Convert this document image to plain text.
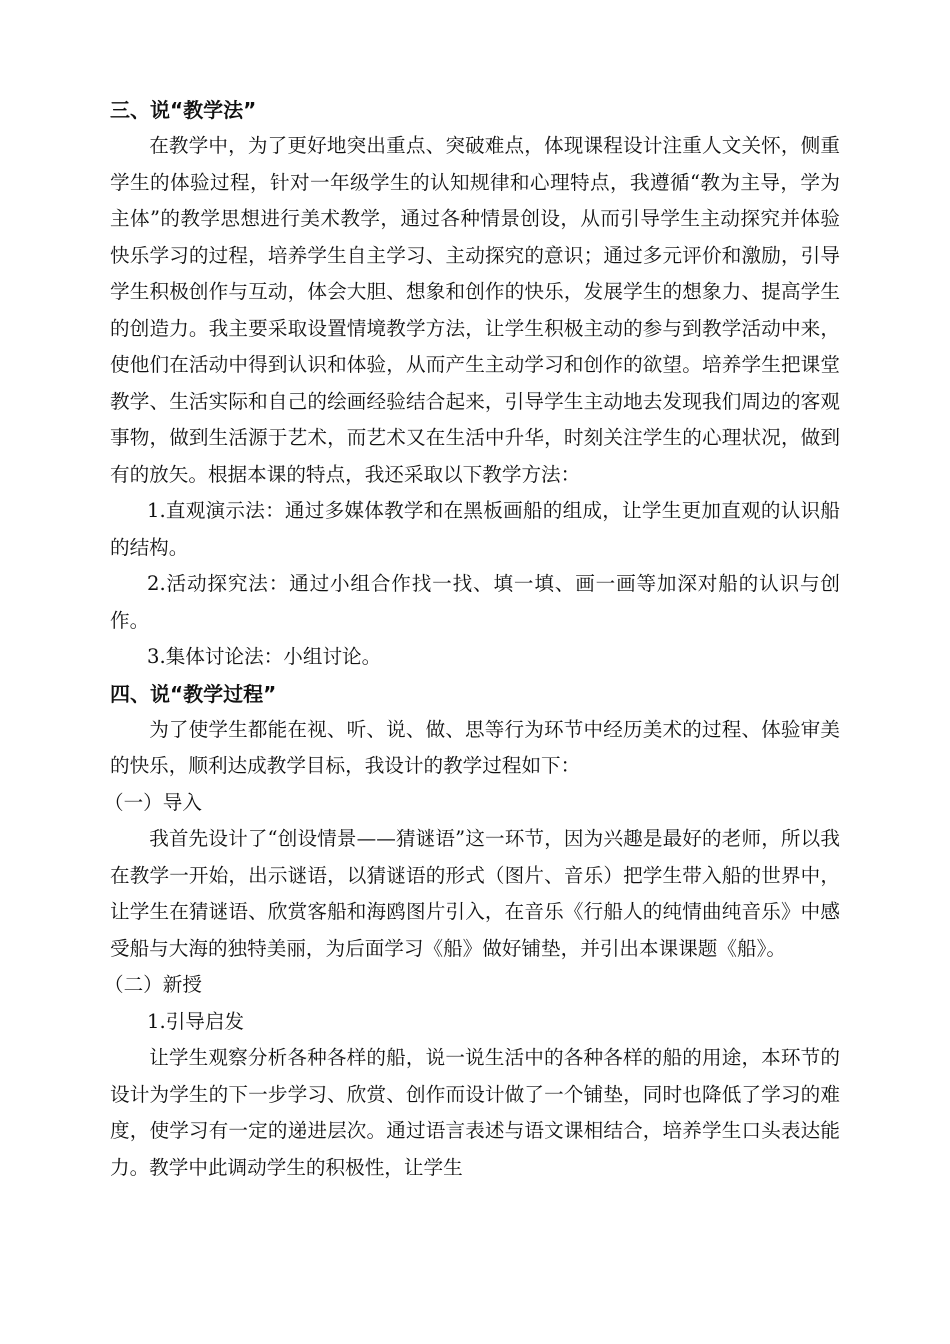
三、说“教学法”

在教学中，为了更好地突出重点、突破难点，体现课程设计注重人文关怀，侧重学生的体验过程，针对一年级学生的认知规律和心理特点，我遵循“教为主导，学为主体”的教学思想进行美术教学，通过各种情景创设，从而引导学生主动探究并体验快乐学习的过程，培养学生自主学习、主动探究的意识；通过多元评价和激励，引导学生积极创作与互动，体会大胆、想象和创作的快乐，发展学生的想象力、提高学生的创造力。我主要采取设置情境教学方法，让学生积极主动的参与到教学活动中来，使他们在活动中得到认识和体验，从而产生主动学习和创作的欲望。培养学生把课堂教学、生活实际和自己的绘画经验结合起来，引导学生主动地去发现我们周边的客观事物，做到生活源于艺术，而艺术又在生活中升华，时刻关注学生的心理状况，做到有的放矢。根据本课的特点，我还采取以下教学方法：

1.直观演示法：通过多媒体教学和在黑板画船的组成，让学生更加直观的认识船的结构。

2.活动探究法：通过小组合作找一找、填一填、画一画等加深对船的认识与创作。

3.集体讨论法：小组讨论。

四、说“教学过程”

为了使学生都能在视、听、说、做、思等行为环节中经历美术的过程、体验审美的快乐，顺利达成教学目标，我设计的教学过程如下：

（一）导入

我首先设计了“创设情景——猜谜语”这一环节，因为兴趣是最好的老师，所以我在教学一开始，出示谜语，以猜谜语的形式（图片、音乐）把学生带入船的世界中，让学生在猜谜语、欣赏客船和海鸥图片引入，在音乐《行船人的纯情曲纯音乐》中感受船与大海的独特美丽，为后面学习《船》做好铺垫，并引出本课课题《船》。

（二）新授

1.引导启发

让学生观察分析各种各样的船，说一说生活中的各种各样的船的用途，本环节的设计为学生的下一步学习、欣赏、创作而设计做了一个铺垫，同时也降低了学习的难度，使学习有一定的递进层次。通过语言表述与语文课相结合，培养学生口头表达能力。教学中此调动学生的积极性，让学生
